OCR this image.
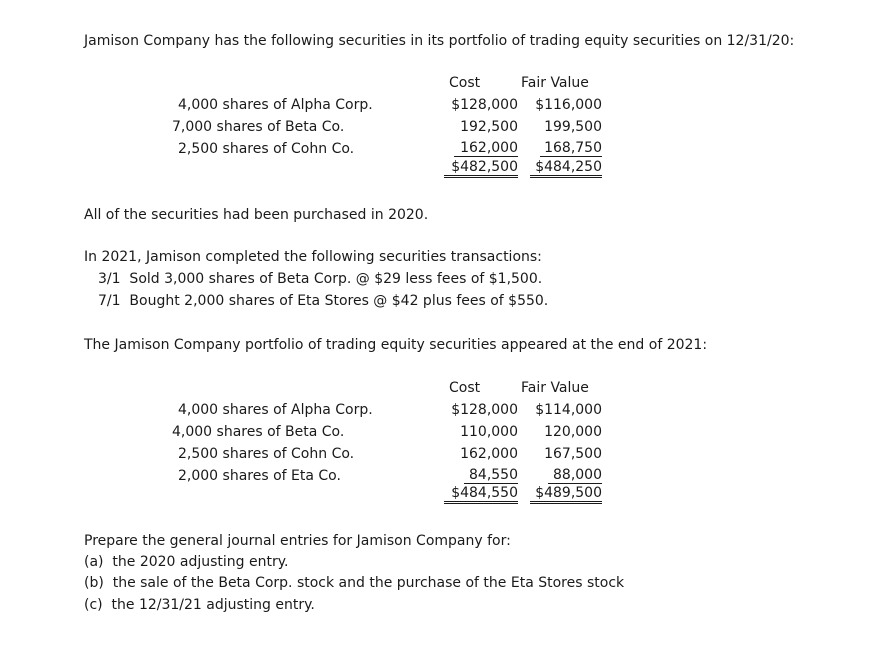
Jamison Company has the following securities in its portfolio of trading equity securities on 12/31/20:
Cost	Fair Value
4,000 shares of Alpha Corp.
7,000 shares of Beta Co.
2,500 shares of Cohn Co.
$128,000
192,500
162,000
$482,500
$116,000
199,500
168,750
$484,250
All of the securities had been purchased in 2020.
In 2021, Jamison completed the following securities transactions:
3/1  Sold 3,000 shares of Beta Corp. @ $29 less fees of $1,500.
7/1  Bought 2,000 shares of Eta Stores @ $42 plus fees of $550.
The Jamison Company portfolio of trading equity securities appeared at the end of 2021:
Cost	Fair Value
4,000 shares of Alpha Corp.
4,000 shares of Beta Co.
2,500 shares of Cohn Co.
2,000 shares of Eta Co.
$128,000
110,000
162,000
84,550
$484,550
$114,000
120,000
167,500
88,000
$489,500
Prepare the general journal entries for Jamison Company for:
(a)  the 2020 adjusting entry.
(b)  the sale of the Beta Corp. stock and the purchase of the Eta Stores stock
(c)  the 12/31/21 adjusting entry.
